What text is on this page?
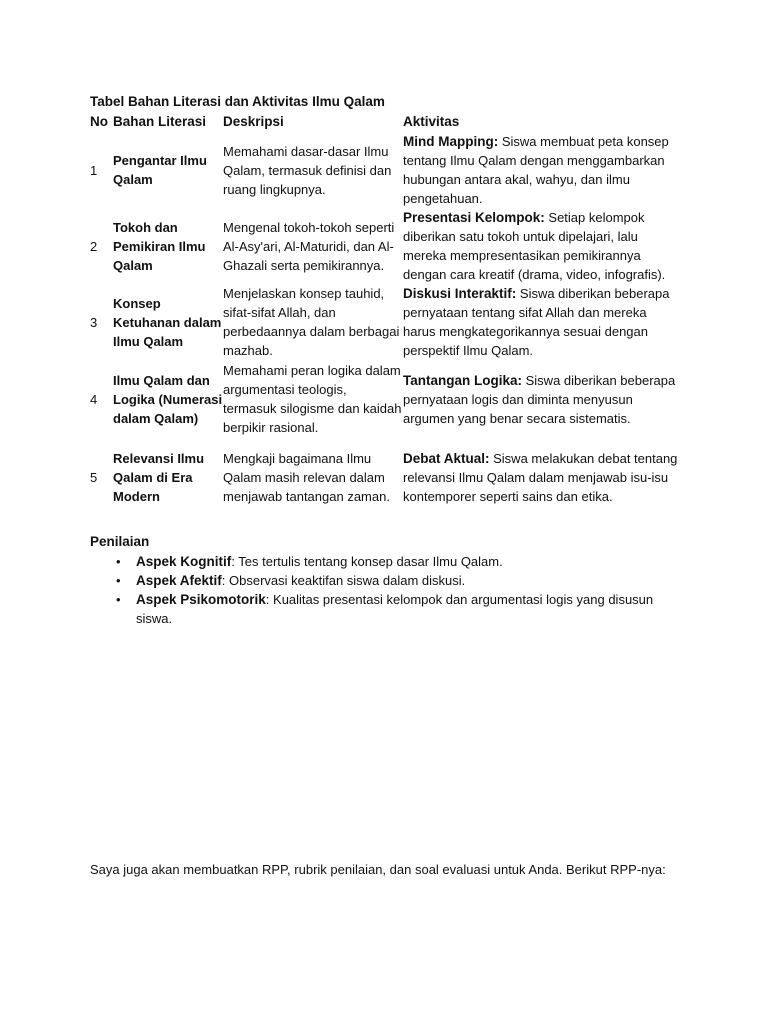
Tabel Bahan Literasi dan Aktivitas Ilmu Qalam
No	Bahan Literasi	Deskripsi	Aktivitas
1	Pengantar Ilmu Qalam	Memahami dasar-dasar Ilmu Qalam, termasuk definisi dan ruang lingkupnya.	Mind Mapping: Siswa membuat peta konsep tentang Ilmu Qalam dengan menggambarkan hubungan antara akal, wahyu, dan ilmu pengetahuan.
2	Tokoh dan Pemikiran Ilmu Qalam	Mengenal tokoh-tokoh seperti Al-Asy'ari, Al-Maturidi, dan Al-Ghazali serta pemikirannya.	Presentasi Kelompok: Setiap kelompok diberikan satu tokoh untuk dipelajari, lalu mereka mempresentasikan pemikirannya dengan cara kreatif (drama, video, infografis).
3	Konsep Ketuhanan dalam Ilmu Qalam	Menjelaskan konsep tauhid, sifat-sifat Allah, dan perbedaannya dalam berbagai mazhab.	Diskusi Interaktif: Siswa diberikan beberapa pernyataan tentang sifat Allah dan mereka harus mengkategorikannya sesuai dengan perspektif Ilmu Qalam.
4	Ilmu Qalam dan Logika (Numerasi dalam Qalam)	Memahami peran logika dalam argumentasi teologis, termasuk silogisme dan kaidah berpikir rasional.	Tantangan Logika: Siswa diberikan beberapa pernyataan logis dan diminta menyusun argumen yang benar secara sistematis.
5	Relevansi Ilmu Qalam di Era Modern	Mengkaji bagaimana Ilmu Qalam masih relevan dalam menjawab tantangan zaman.	Debat Aktual: Siswa melakukan debat tentang relevansi Ilmu Qalam dalam menjawab isu-isu kontemporer seperti sains dan etika.
Penilaian
• Aspek Kognitif: Tes tertulis tentang konsep dasar Ilmu Qalam.
• Aspek Afektif: Observasi keaktifan siswa dalam diskusi.
• Aspek Psikomotorik: Kualitas presentasi kelompok dan argumentasi logis yang disusun siswa.
Saya juga akan membuatkan RPP, rubrik penilaian, dan soal evaluasi untuk Anda. Berikut RPP-nya:
